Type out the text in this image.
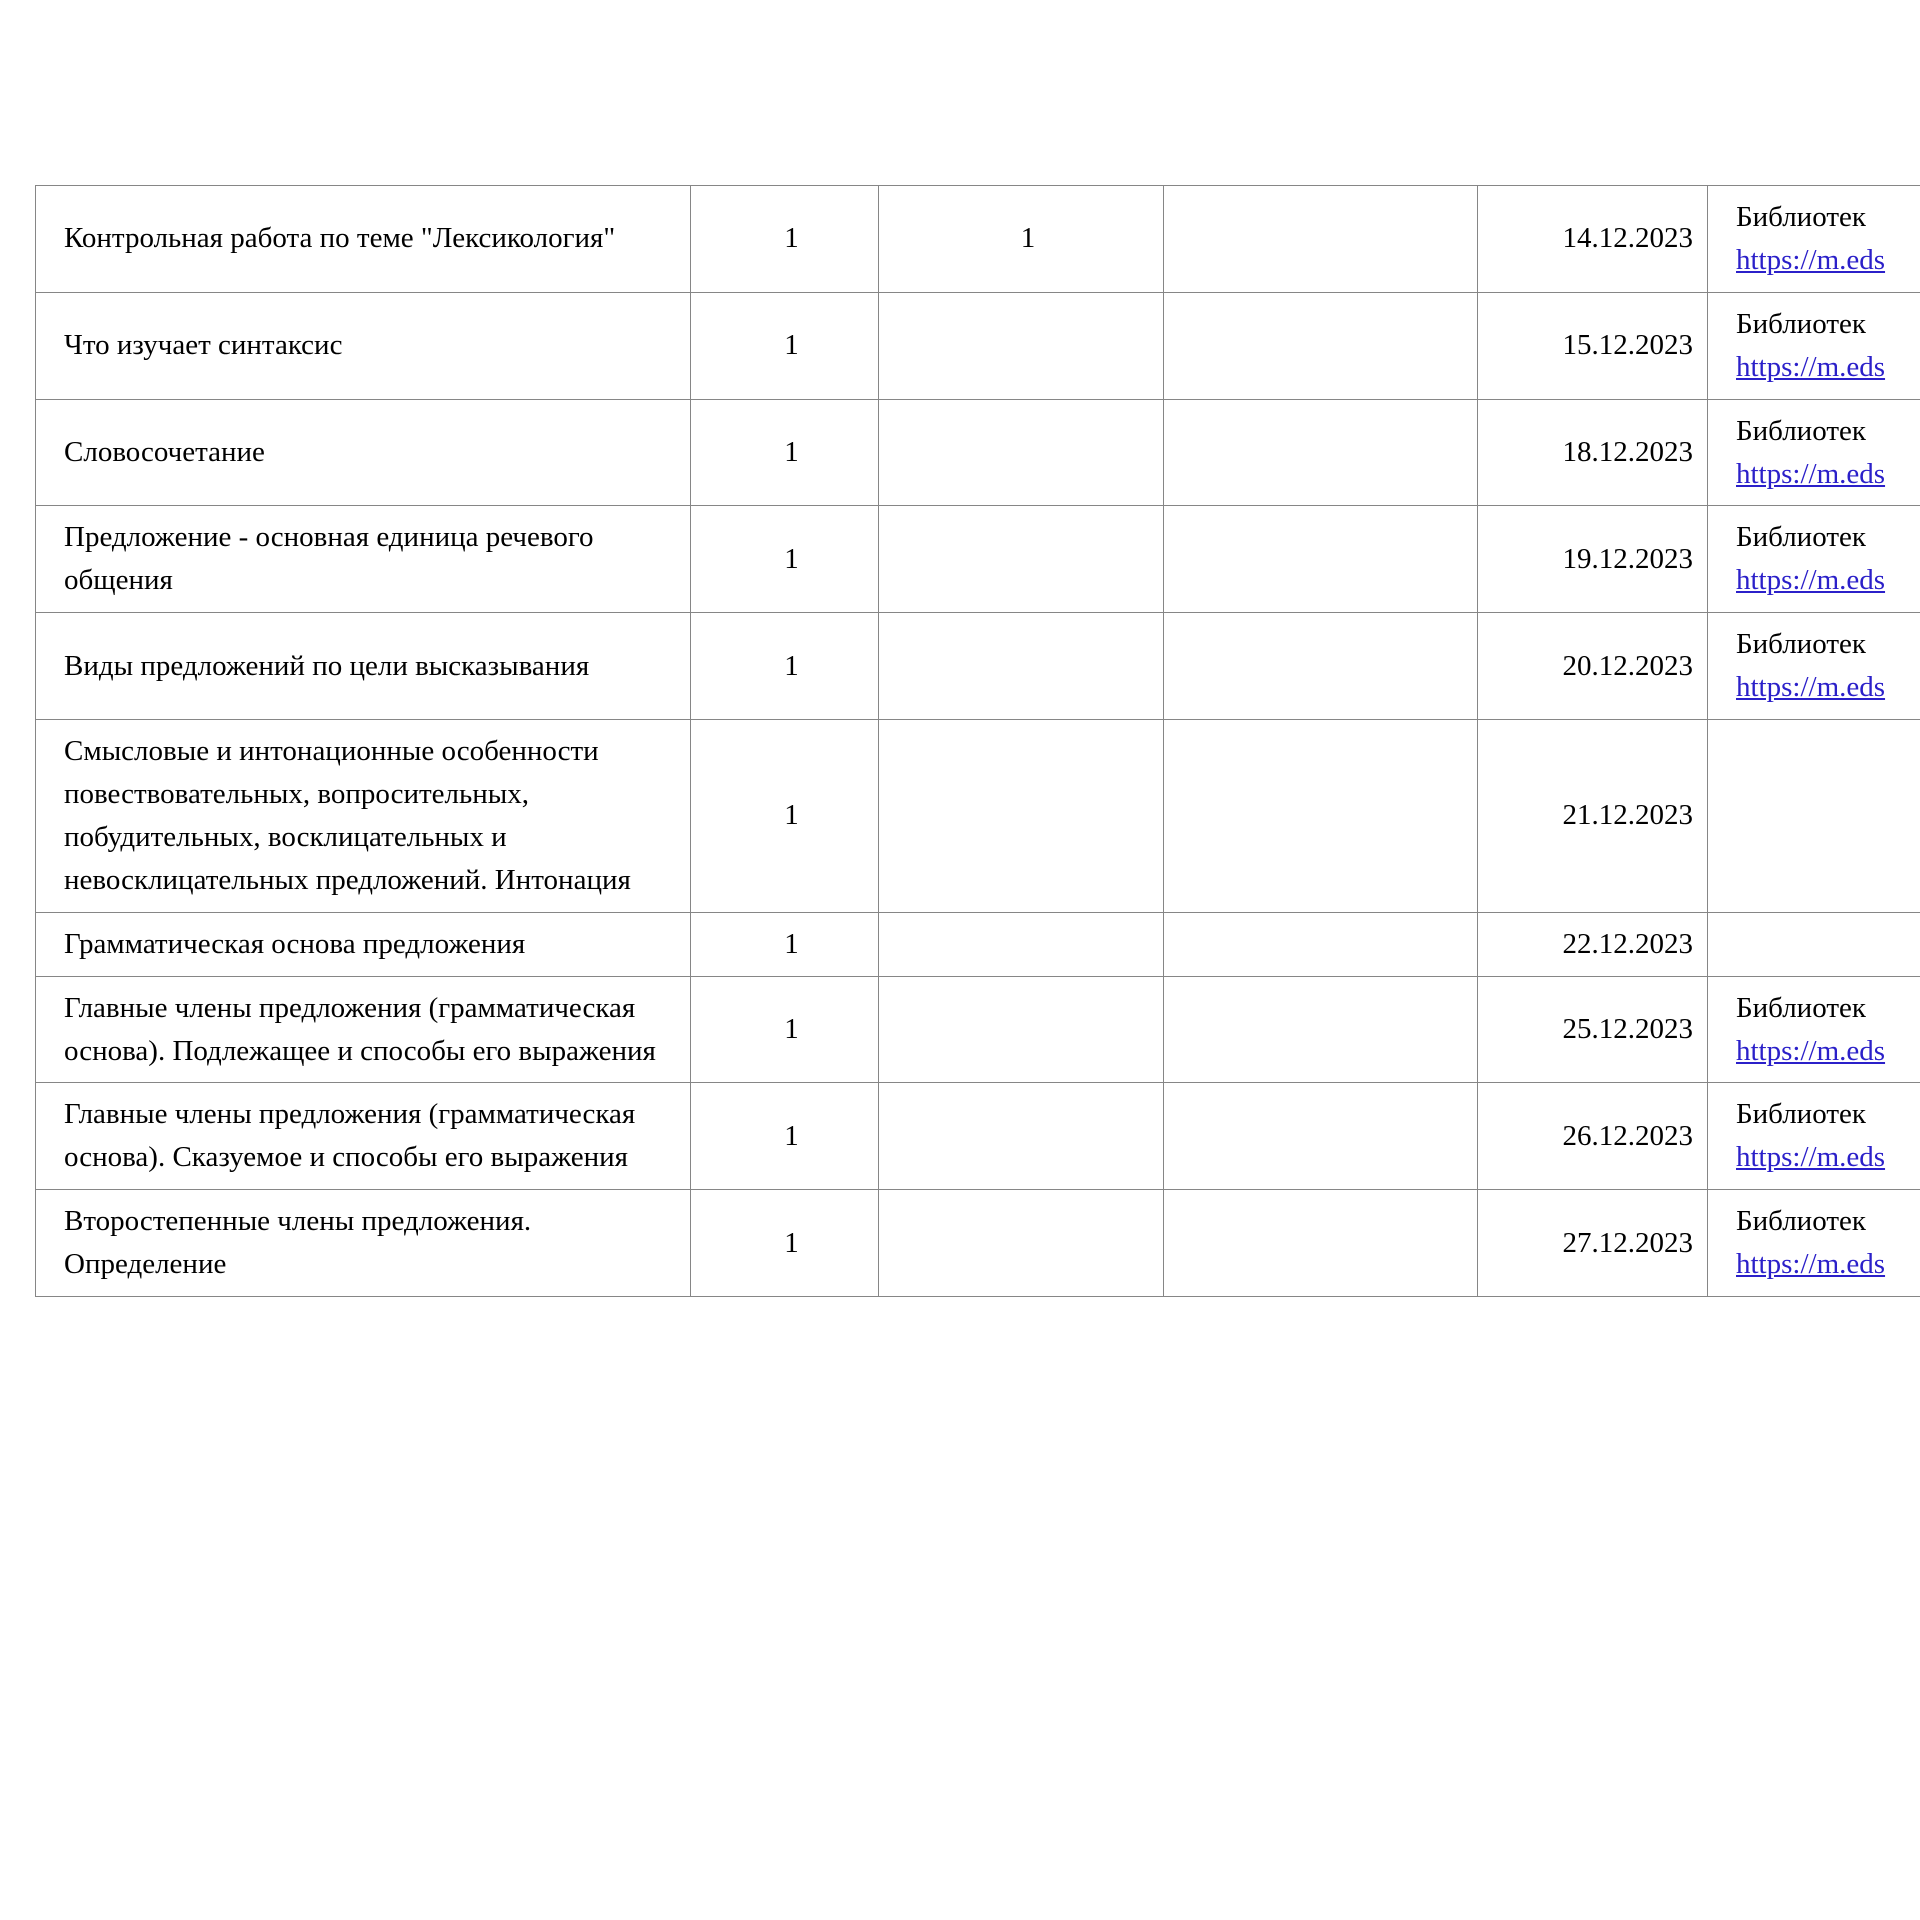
Контрольная работа по теме "Лексикология"	1	1		14.12.2023	Библиотек
https://m.eds

Что изучает синтаксис	1			15.12.2023	Библиотек
https://m.eds

Словосочетание	1			18.12.2023	Библиотек
https://m.eds

Предложение - основная единица речевого общения	1			19.12.2023	Библиотек
https://m.eds

Виды предложений по цели высказывания	1			20.12.2023	Библиотек
https://m.eds

Смысловые и интонационные особенности повествовательных, вопросительных, побудительных, восклицательных и невосклицательных предложений. Интонация	1			21.12.2023	
Грамматическая основа предложения	1			22.12.2023	
Главные члены предложения (грамматическая основа). Подлежащее и способы его выражения	1			25.12.2023	Библиотек
https://m.eds

Главные члены предложения (грамматическая основа). Сказуемое и способы его выражения	1			26.12.2023	Библиотек
https://m.eds

Второстепенные члены предложения. Определение	1			27.12.2023	Библиотек
https://m.eds
